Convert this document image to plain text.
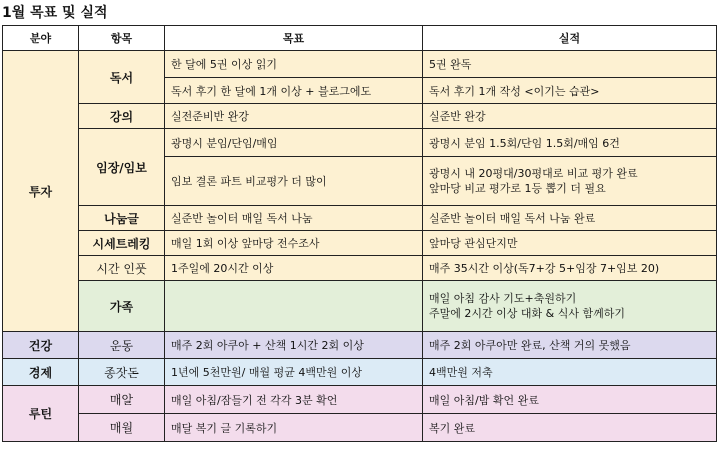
1월 목표 및 실적
분야	항목	목표	실적	
투자	독서	한 달에 5권 이상 읽기	5권 완독	
		독서 후기 한 달에 1개 이상 + 블로그에도	독서 후기 1개 작성 <이기는 습관>	
	강의	실전준비반 완강	실준반 완강	
	임장/임보	광명시 분임/단임/매임	광명시 분임 1.5회/단임 1.5회/매임 6건	
		임보 결론 파트 비교평가 더 많이	광명시 내 20평대/30평대로 비교 평가 완료
앞마당 비교 평가로 1등 뽑기 더 필요	

	나눔글	실준반 놀이터 매일 독서 나눔	실준반 놀이터 매일 독서 나눔 완료	
	시세트레킹	매일 1회 이상 앞마당 전수조사	앞마당 관심단지만	
	시간 인풋	1주일에 20시간 이상	매주 35시간 이상(독7+강 5+임장 7+임보 20)	
	가족		매일 아침 감사 기도+축원하기
주말에 2시간 이상 대화 & 식사 함께하기

건강	운동	매주 2회 아쿠아 + 산책 1시간 2회 이상	매주 2회 아쿠아만 완료, 산책 거의 못했음	
경제	종잣돈	1년에 5천만원/ 매월 평균 4백만원 이상	4백만원 저축	
루틴	매알	매일 아침/잠들기 전 각각 3분 확언	매일 아침/밤 확언 완료	
	매월	매달 복기 글 기록하기	복기 완료	
